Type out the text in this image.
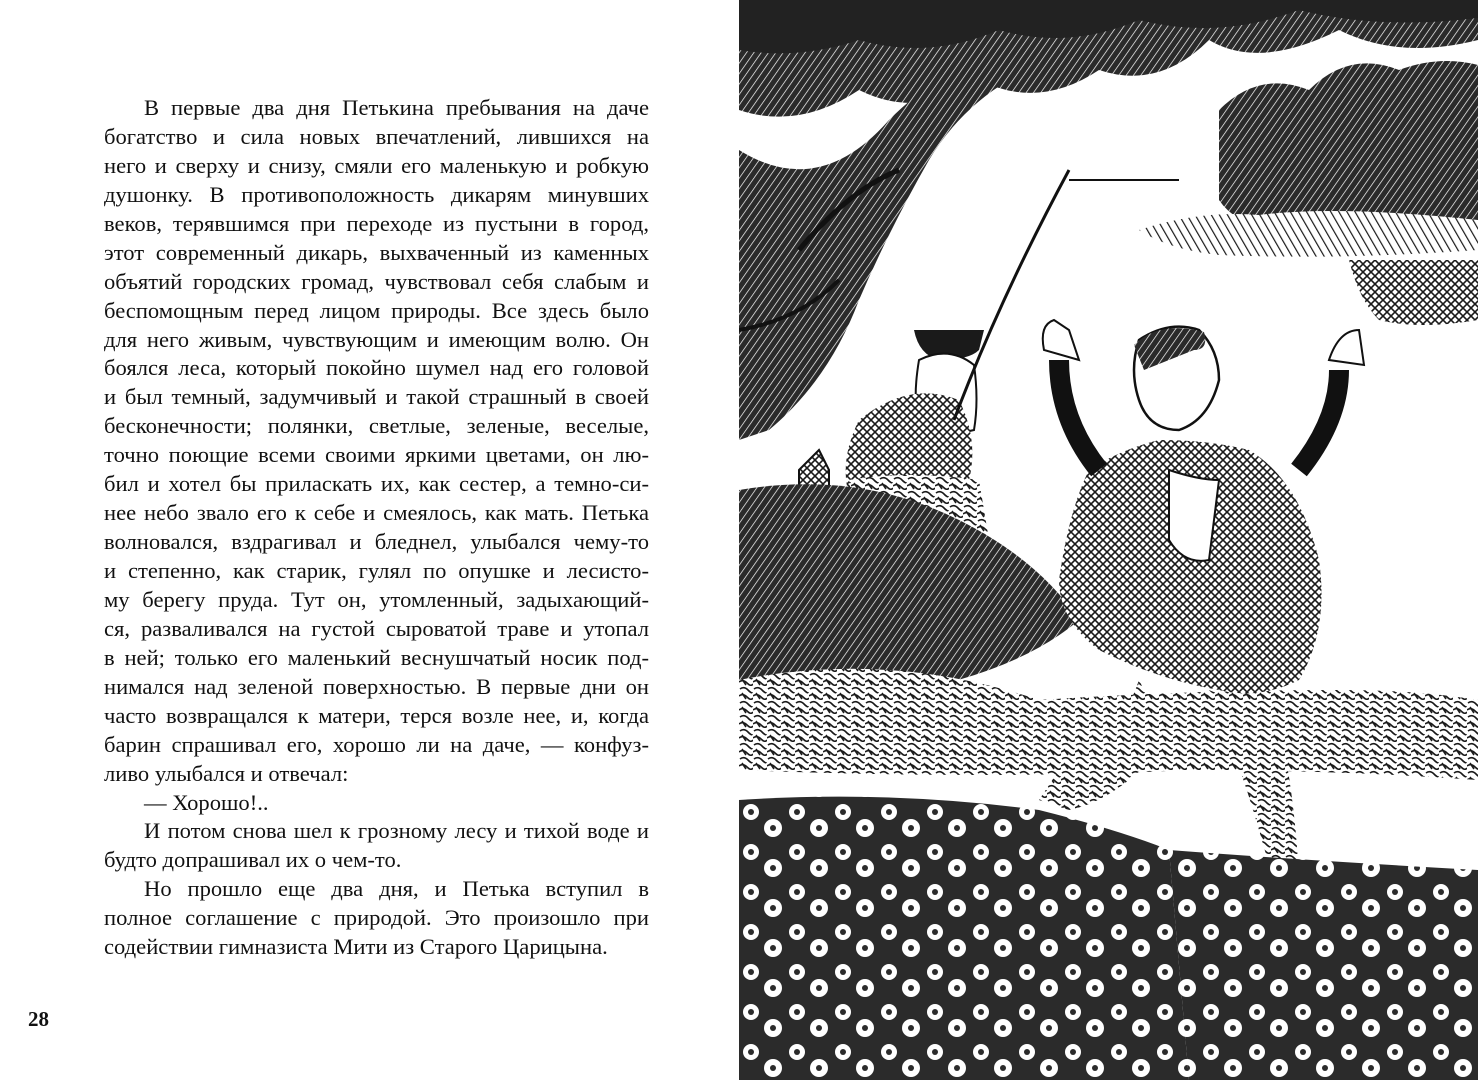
В первые два дня Петькина пребывания на даче
богатство и сила новых впечатлений, лившихся на
него и сверху и снизу, смяли его маленькую и робкую
душонку. В противоположность дикарям минувших
веков, терявшимся при переходе из пустыни в город,
этот современный дикарь, выхваченный из каменных
объятий городских громад, чувствовал себя слабым и
беспомощным перед лицом природы. Все здесь было
для него живым, чувствующим и имеющим волю. Он
боялся леса, который покойно шумел над его головой
и был темный, задумчивый и такой страшный в своей
бесконечности; полянки, светлые, зеленые, веселые,
точно поющие всеми своими яркими цветами, он лю-
бил и хотел бы приласкать их, как сестер, а темно-си-
нее небо звало его к себе и смеялось, как мать. Петька
волновался, вздрагивал и бледнел, улыбался чему-то
и степенно, как старик, гулял по опушке и лесисто-
му берегу пруда. Тут он, утомленный, задыхающий-
ся, разваливался на густой сыроватой траве и утопал
в ней; только его маленький веснушчатый носик под-
нимался над зеленой поверхностью. В первые дни он
часто возвращался к матери, терся возле нее, и, когда
барин спрашивал его, хорошо ли на даче, — конфуз-
ливо улыбался и отвечал:
— Хорошо!..
И потом снова шел к грозному лесу и тихой воде и
будто допрашивал их о чем-то.
Но прошло еще два дня, и Петька вступил в
полное соглашение с природой. Это произошло при
содействии гимназиста Мити из Старого Царицына.
28
